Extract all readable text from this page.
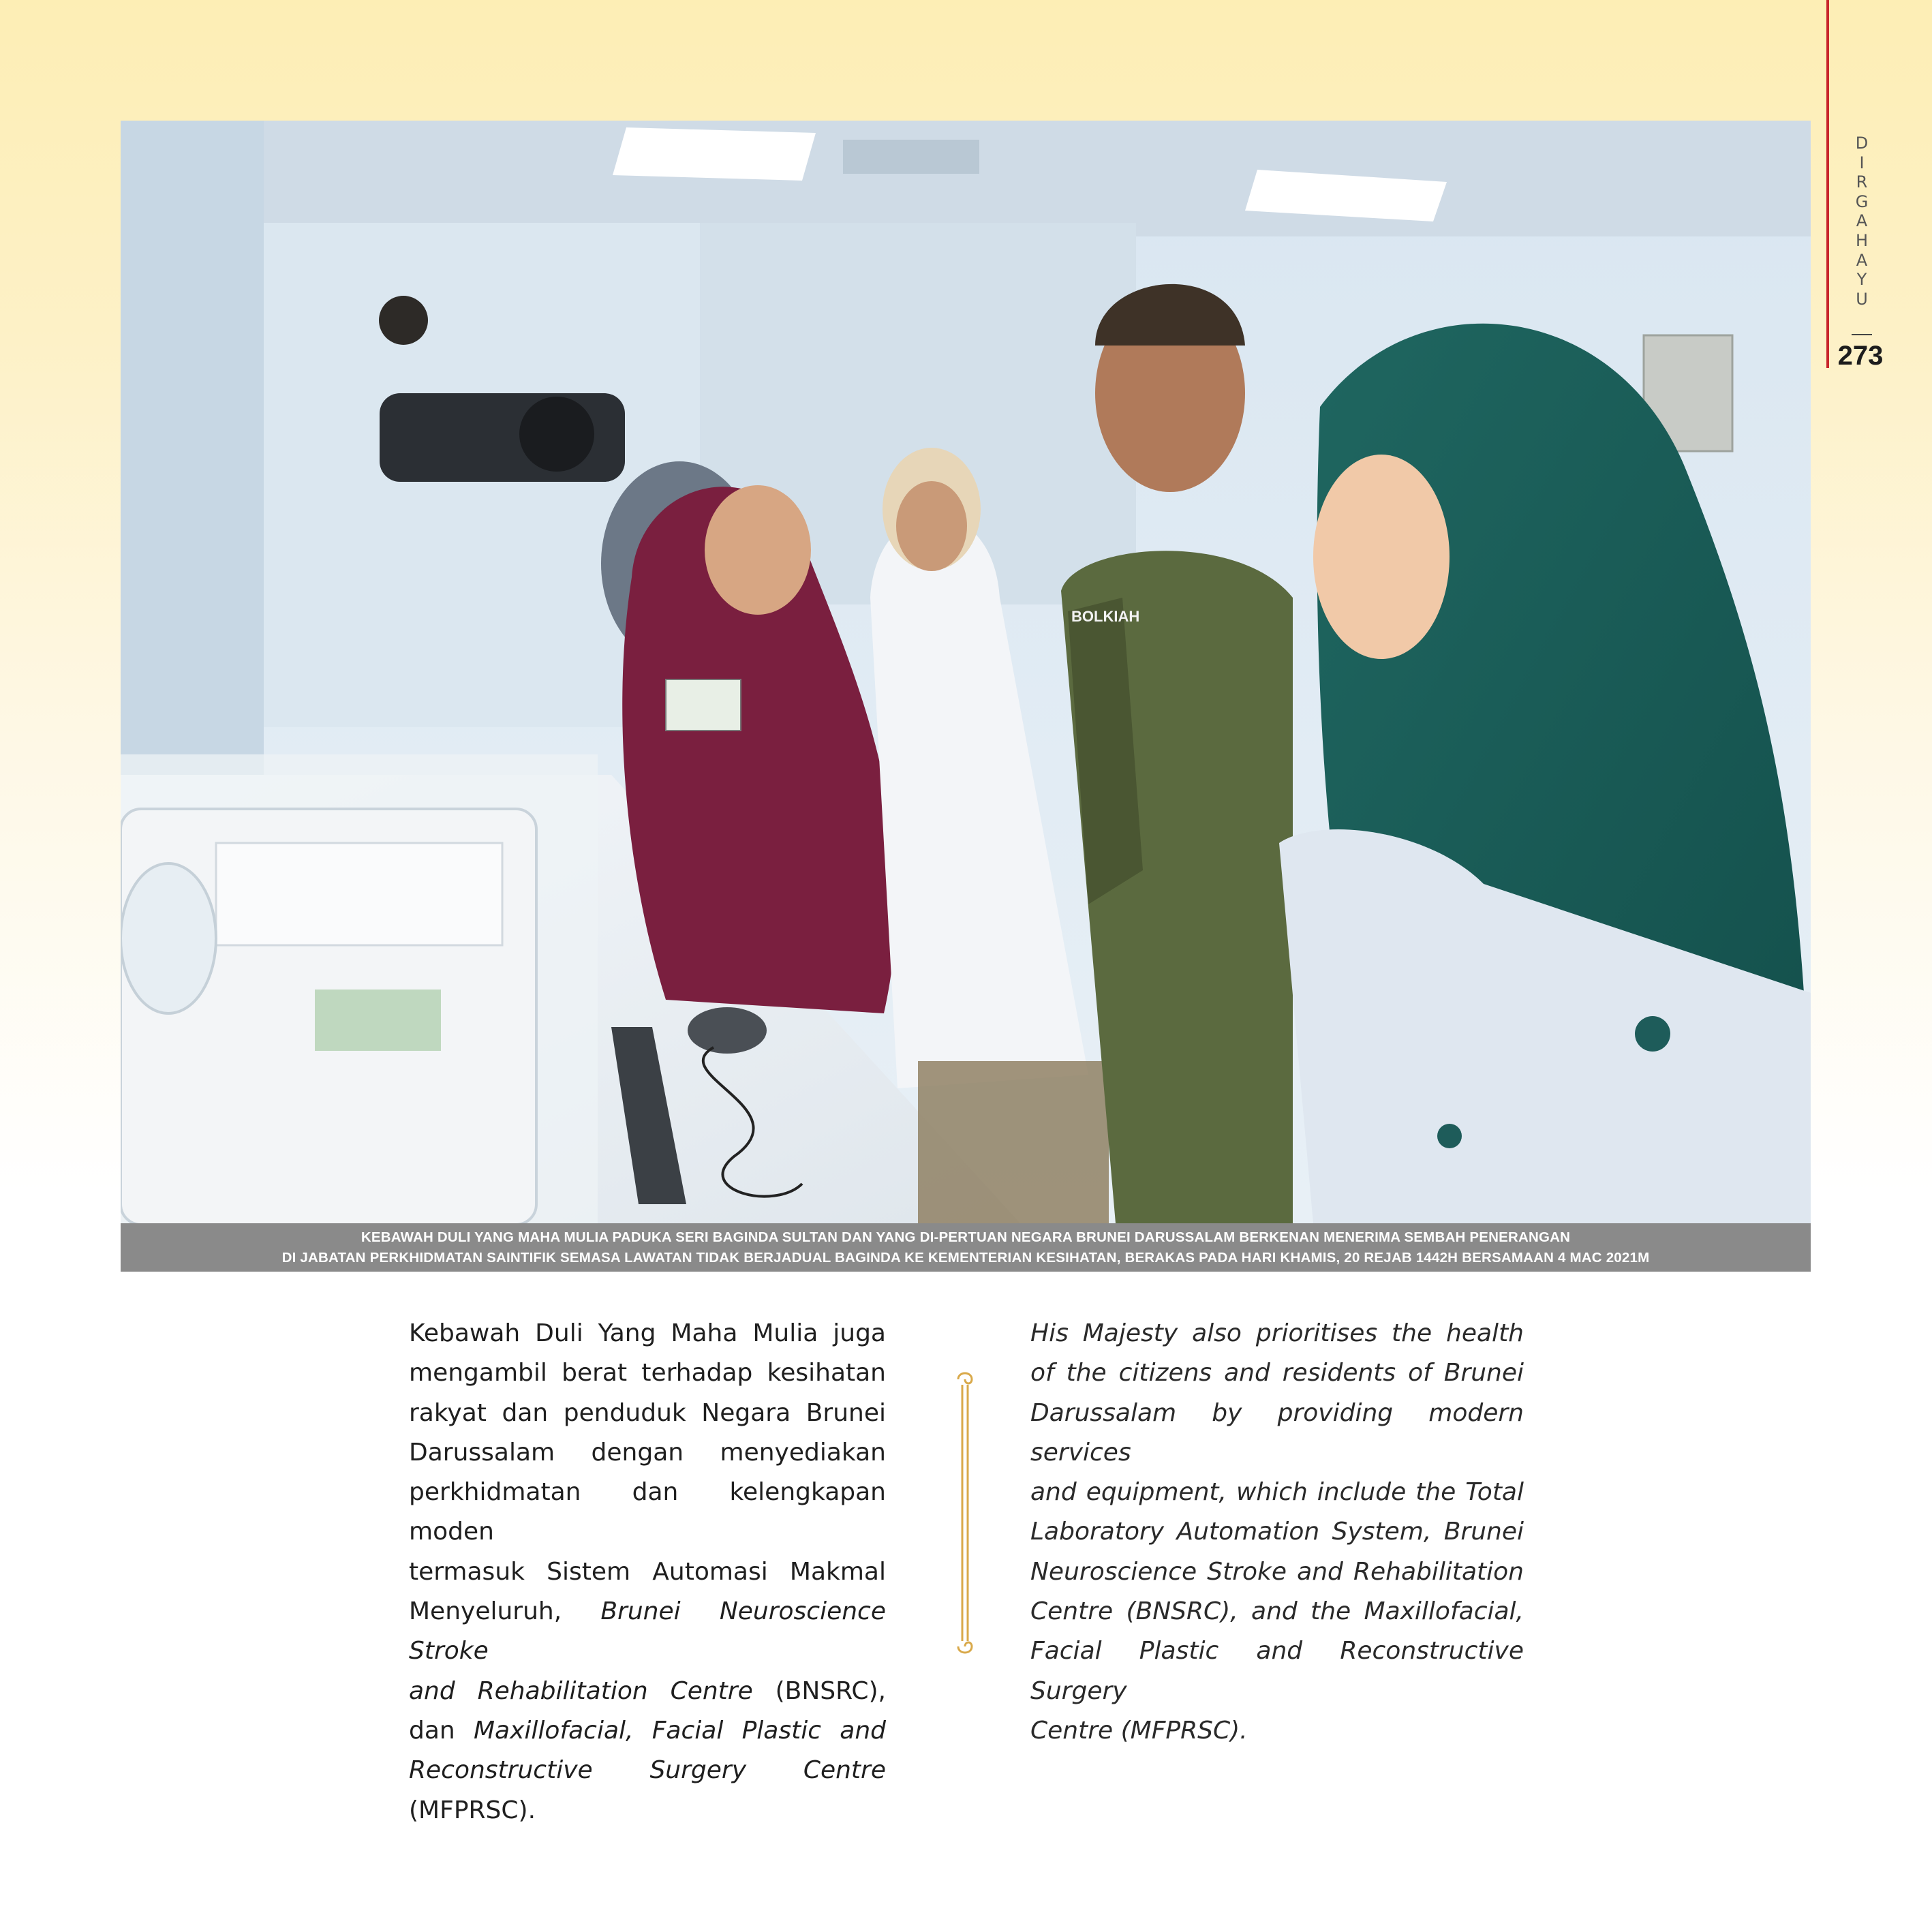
D
I
R
G
A
H
A
Y
U
273
BOLKIAH
KEBAWAH DULI YANG MAHA MULIA PADUKA SERI BAGINDA SULTAN DAN YANG DI-PERTUAN NEGARA BRUNEI DARUSSALAM BERKENAN MENERIMA SEMBAH PENERANGAN
DI JABATAN PERKHIDMATAN SAINTIFIK SEMASA LAWATAN TIDAK BERJADUAL BAGINDA KE KEMENTERIAN KESIHATAN, BERAKAS PADA HARI KHAMIS, 20 REJAB 1442H BERSAMAAN 4 MAC 2021M
Kebawah Duli Yang Maha Mulia juga
mengambil berat terhadap kesihatan
rakyat dan penduduk Negara Brunei
Darussalam dengan menyediakan
perkhidmatan dan kelengkapan moden
termasuk Sistem Automasi Makmal
Menyeluruh, Brunei Neuroscience Stroke
and Rehabilitation Centre (BNSRC),
dan Maxillofacial, Facial Plastic and
Reconstructive Surgery Centre (MFPRSC).
His Majesty also prioritises the health
of the citizens and residents of Brunei
Darussalam by providing modern services
and equipment, which include the Total
Laboratory Automation System, Brunei
Neuroscience Stroke and Rehabilitation
Centre (BNSRC), and the Maxillofacial,
Facial Plastic and Reconstructive Surgery
Centre (MFPRSC).
